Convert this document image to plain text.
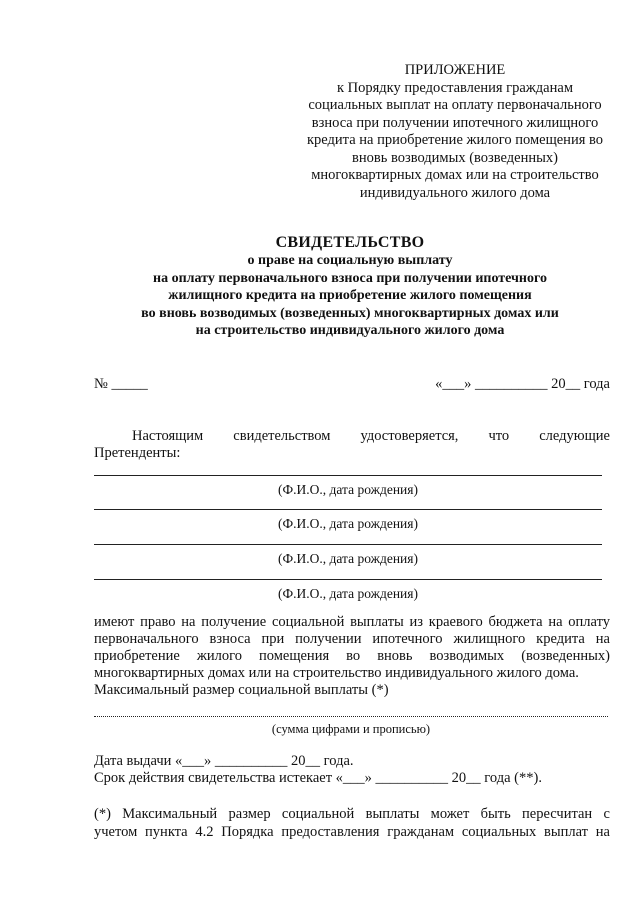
ПРИЛОЖЕНИЕ
к Порядку предоставления гражданам
социальных выплат на оплату первоначального
взноса при получении ипотечного жилищного
кредита на приобретение жилого помещения во
вновь возводимых (возведенных)
многоквартирных домах или на строительство
индивидуального жилого дома
СВИДЕТЕЛЬСТВО
о праве на социальную выплату
на оплату первоначального взноса при получении ипотечного
жилищного кредита на приобретение жилого помещения
во вновь возводимых (возведенных) многоквартирных домах или
на строительство индивидуального жилого дома
№ _____	«___» __________ 20__ года
Настоящим свидетельством удостоверяется, что следующие
Претенденты:
(Ф.И.О., дата рождения)
(Ф.И.О., дата рождения)
(Ф.И.О., дата рождения)
(Ф.И.О., дата рождения)
имеют право на получение социальной выплаты из краевого бюджета на оплату
первоначального взноса при получении ипотечного жилищного кредита на
приобретение жилого помещения во вновь возводимых (возведенных)
многоквартирных домах или на строительство индивидуального жилого дома.
Максимальный размер социальной выплаты (*)
(сумма цифрами и прописью)
Дата выдачи «___» __________ 20__ года.
Срок действия свидетельства истекает «___» __________ 20__ года (**).
(*) Максимальный размер социальной выплаты может быть пересчитан с
учетом пункта 4.2 Порядка предоставления гражданам социальных выплат на
